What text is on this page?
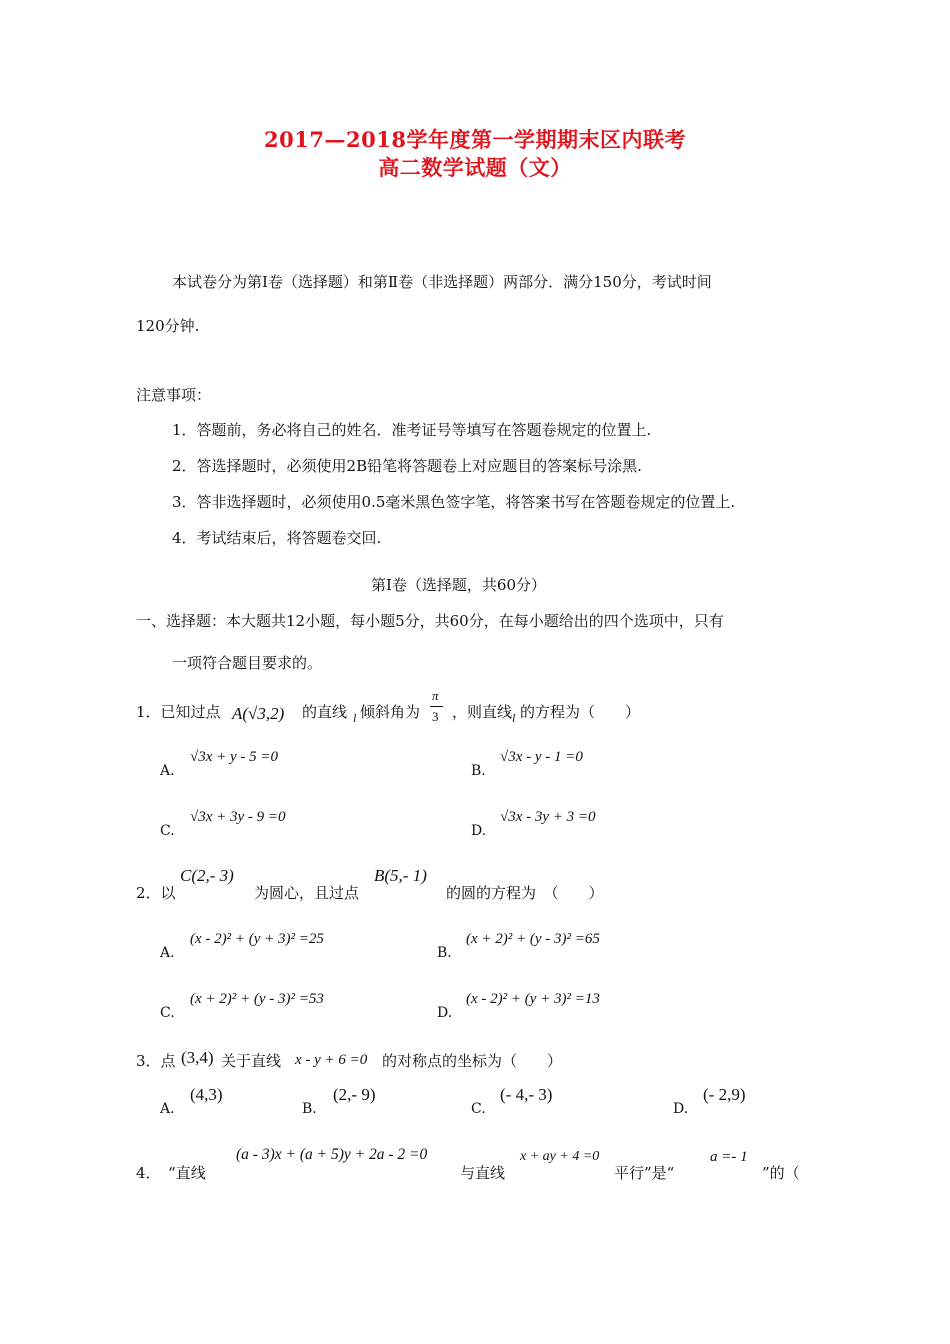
2017—2018学年度第一学期期末区内联考
高二数学试题（文）
本试卷分为第Ⅰ卷（选择题）和第Ⅱ卷（非选择题）两部分．满分150分，考试时间
120分钟.
注意事项：
1．答题前，务必将自己的姓名．准考证号等填写在答题卷规定的位置上.
2．答选择题时，必须使用2B铅笔将答题卷上对应题目的答案标号涂黑.
3．答非选择题时，必须使用0.5毫米黑色签字笔，将答案书写在答题卷规定的位置上.
4．考试结束后，将答题卷交回.
第Ⅰ卷（选择题，共60分）
一、选择题：本大题共12小题，每小题5分，共60分，在每小题给出的四个选项中，只有
一项符合题目要求的。
1．已知过点 A(√3,2) 的直线 l 倾斜角为
π
3 ，则直线 l 的方程为（　　）
A.
√3x + y - 5 =0
B.
√3x - y - 1 =0
C.
√3x + 3y - 9 =0
D.
√3x - 3y + 3 =0
2．以
C(2,- 3)
为圆心，且过点
B(5,- 1)
的圆的方程为　（　　）
A.
(x - 2)² + (y + 3)² =25
B.
(x + 2)² + (y - 3)² =65
C.
(x + 2)² + (y - 3)² =53
D.
(x - 2)² + (y + 3)² =13
3．点 (3,4) 关于直线 x - y + 6 =0 的对称点的坐标为（　　）
A.
(4,3)
B.
(2,- 9)
C.
(- 4,- 3)
D.
(- 2,9)
4．　“直线
(a - 3)x + (a + 5)y + 2a - 2 =0
与直线
x + ay + 4 =0
平行”是“
a =- 1
”的（
